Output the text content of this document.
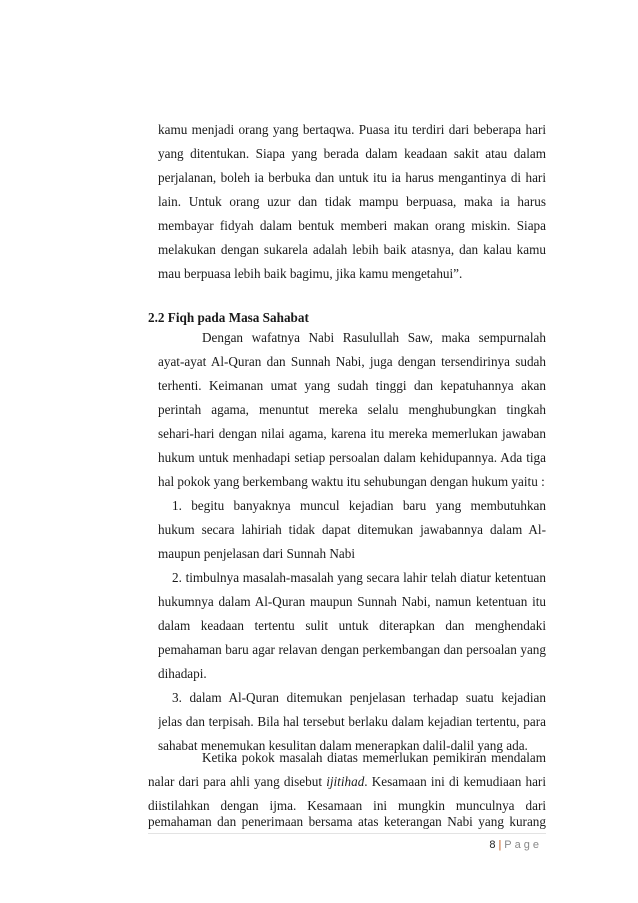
kamu menjadi orang yang bertaqwa. Puasa itu terdiri dari beberapa hari
yang ditentukan. Siapa yang berada dalam keadaan sakit atau dalam
perjalanan, boleh ia berbuka dan untuk itu ia harus mengantinya di hari
lain. Untuk orang uzur dan tidak mampu berpuasa, maka ia harus
membayar fidyah dalam bentuk memberi makan orang miskin. Siapa
melakukan dengan sukarela adalah lebih baik atasnya, dan kalau kamu
mau berpuasa lebih baik bagimu, jika kamu mengetahui”.
2.2 Fiqh pada Masa Sahabat
Dengan wafatnya Nabi Rasulullah Saw, maka sempurnalah
ayat-ayat Al-Quran dan Sunnah Nabi, juga dengan tersendirinya sudah
terhenti. Keimanan umat yang sudah tinggi dan kepatuhannya akan
perintah agama, menuntut mereka selalu menghubungkan tingkah
sehari-hari dengan nilai agama, karena itu mereka memerlukan jawaban
hukum untuk menhadapi setiap persoalan dalam kehidupannya. Ada tiga
hal pokok yang berkembang waktu itu sehubungan dengan hukum yaitu :
1. begitu banyaknya muncul kejadian baru yang membutuhkan
hukum secara lahiriah tidak dapat ditemukan jawabannya dalam Al-
maupun penjelasan dari Sunnah Nabi
2. timbulnya masalah-masalah yang secara lahir telah diatur ketentuan
hukumnya dalam Al-Quran maupun Sunnah Nabi, namun ketentuan itu
dalam keadaan tertentu sulit untuk diterapkan dan menghendaki
pemahaman baru agar relavan dengan perkembangan dan persoalan yang
dihadapi.
3. dalam Al-Quran ditemukan penjelasan terhadap suatu kejadian
jelas dan terpisah. Bila hal tersebut berlaku dalam kejadian tertentu, para
sahabat menemukan kesulitan dalam menerapkan dalil-dalil yang ada.
Ketika pokok masalah diatas memerlukan pemikiran mendalam
nalar dari para ahli yang disebut ijitihad. Kesamaan ini di kemudiaan hari
diistilahkan dengan ijma. Kesamaan ini mungkin munculnya dari
pemahaman dan penerimaan bersama atas keterangan Nabi yang kurang
8 | Page
